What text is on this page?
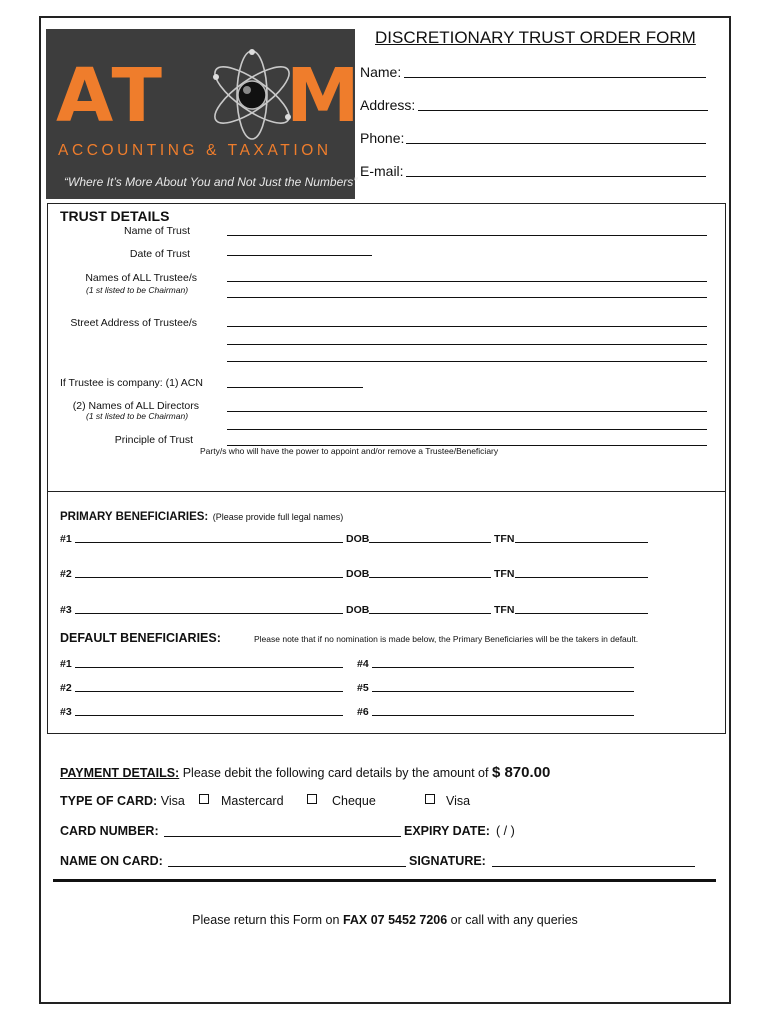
AT M
ACCOUNTING & TAXATION
“Where It’s More About You and Not Just the Numbers”
DISCRETIONARY TRUST ORDER FORM
Name:
Address:
Phone:
E-mail:
TRUST DETAILS
Name of Trust
Date of Trust
Names of ALL Trustee/s
(1 st listed to be Chairman)
Street Address of Trustee/s
If Trustee is company: (1) ACN
(2) Names of ALL Directors
(1 st listed to be Chairman)
Principle of Trust
Party/s who will have the power to appoint and/or remove a Trustee/Beneficiary
PRIMARY BENEFICIARIES: (Please provide full legal names)
#1	DOB	TFN
#2	DOB	TFN
#3	DOB	TFN
DEFAULT BENEFICIARIES:	Please note that if no nomination is made below, the Primary Beneficiaries will be the takers in default.
#1	#4
#2	#5
#3	#6
PAYMENT DETAILS: Please debit the following card details by the amount of $ 870.00
TYPE OF CARD: Visa	Mastercard	Cheque	Visa
CARD NUMBER:	EXPIRY DATE: ( / )
NAME ON CARD:	SIGNATURE:
Please return this Form on FAX 07 5452 7206 or call with any queries
